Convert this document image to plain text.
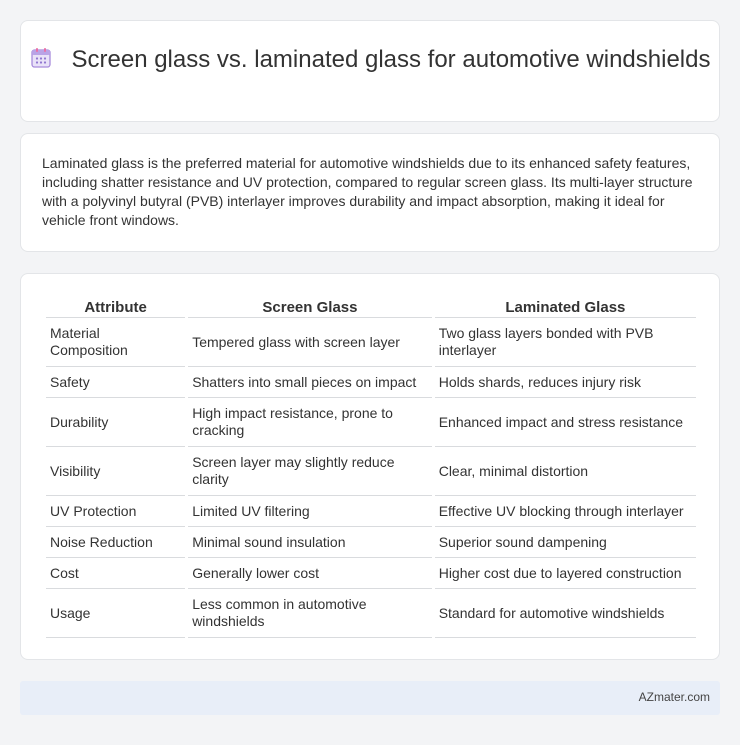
Screen glass vs. laminated glass for automotive windshields

Laminated glass is the preferred material for automotive windshields due to its enhanced safety features, including shatter resistance and UV protection, compared to regular screen glass. Its multi-layer structure with a polyvinyl butyral (PVB) interlayer improves durability and impact absorption, making it ideal for vehicle front windows.

Attribute	Screen Glass	Laminated Glass
Material Composition	Tempered glass with screen layer	Two glass layers bonded with PVB interlayer
Safety	Shatters into small pieces on impact	Holds shards, reduces injury risk
Durability	High impact resistance, prone to cracking	Enhanced impact and stress resistance
Visibility	Screen layer may slightly reduce clarity	Clear, minimal distortion
UV Protection	Limited UV filtering	Effective UV blocking through interlayer
Noise Reduction	Minimal sound insulation	Superior sound dampening
Cost	Generally lower cost	Higher cost due to layered construction
Usage	Less common in automotive windshields	Standard for automotive windshields
AZmater.com
